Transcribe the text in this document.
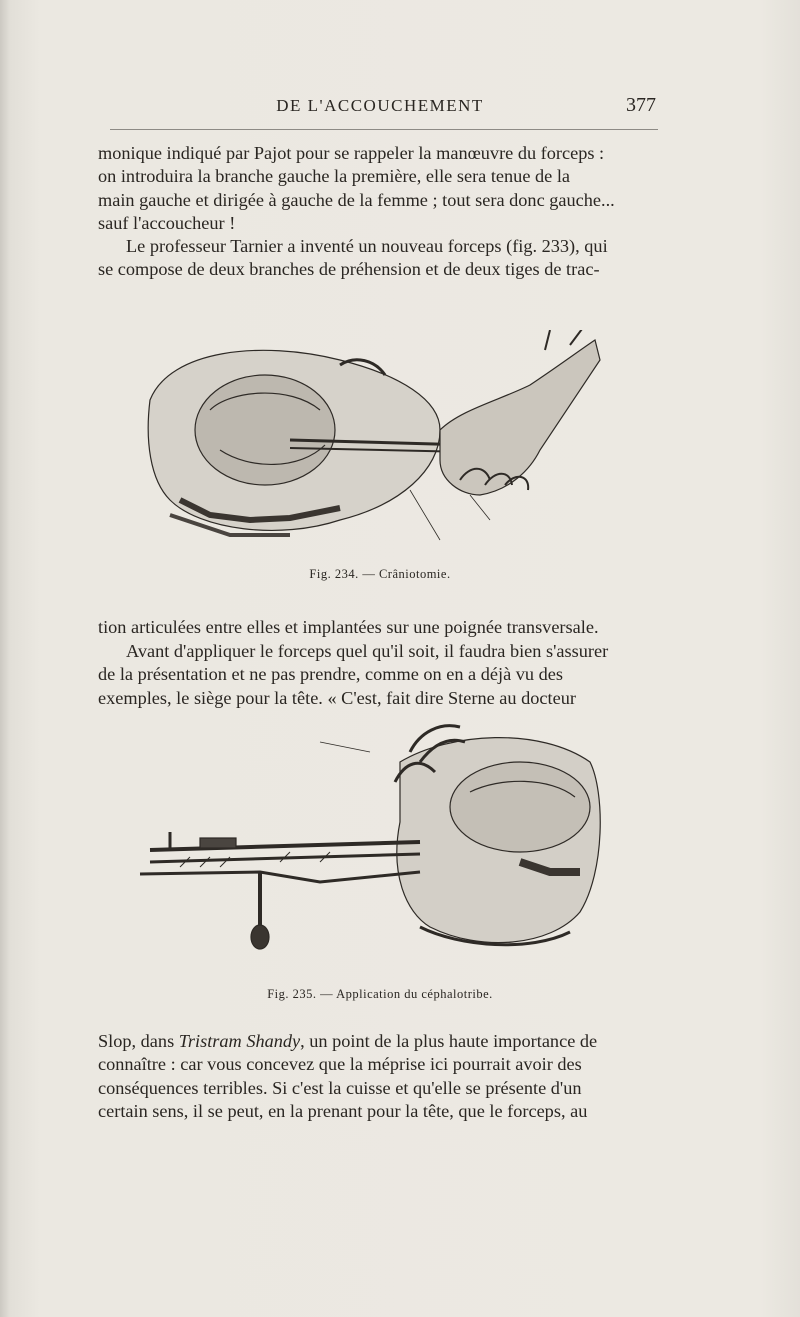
DE L'ACCOUCHEMENT	377
monique indiqué par Pajot pour se rappeler la manœuvre du forceps :
on introduira la branche gauche la première, elle sera tenue de la
main gauche et dirigée à gauche de la femme ; tout sera donc gauche...
sauf l'accoucheur !
Le professeur Tarnier a inventé un nouveau forceps (fig. 233), qui
se compose de deux branches de préhension et de deux tiges de trac-
Fig. 234. — Crâniotomie.
tion articulées entre elles et implantées sur une poignée transversale.
Avant d'appliquer le forceps quel qu'il soit, il faudra bien s'assurer
de la présentation et ne pas prendre, comme on en a déjà vu des
exemples, le siège pour la tête. « C'est, fait dire Sterne au docteur
Fig. 235. — Application du céphalotribe.
Slop, dans Tristram Shandy, un point de la plus haute importance de
connaître : car vous concevez que la méprise ici pourrait avoir des
conséquences terribles. Si c'est la cuisse et qu'elle se présente d'un
certain sens, il se peut, en la prenant pour la tête, que le forceps, au
